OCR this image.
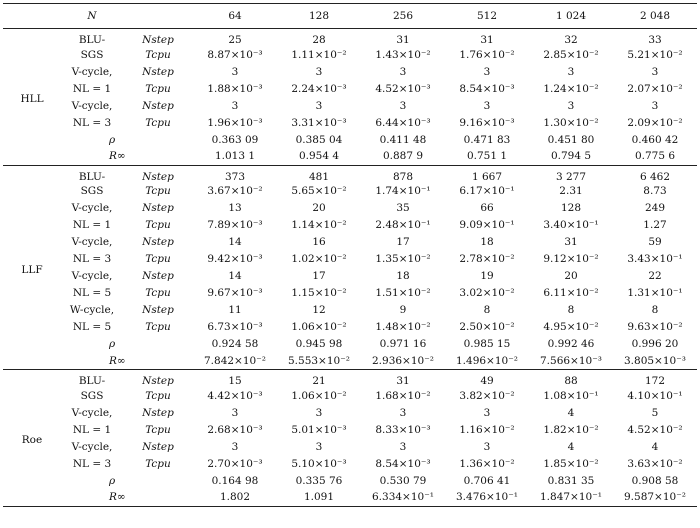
	N		64	128	256	512	1 024	2 048
HLL	BLU-	Nstep	25	28	31	31	32	33
	SGS	Tcpu	8.87×10⁻³	1.11×10⁻²	1.43×10⁻²	1.76×10⁻²	2.85×10⁻²	5.21×10⁻²
	V-cycle,	Nstep	3	3	3	3	3	3
	NL = 1	Tcpu	1.88×10⁻³	2.24×10⁻³	4.52×10⁻³	8.54×10⁻³	1.24×10⁻²	2.07×10⁻²
	V-cycle,	Nstep	3	3	3	3	3	3
	NL = 3	Tcpu	1.96×10⁻³	3.31×10⁻³	6.44×10⁻³	9.16×10⁻³	1.30×10⁻²	2.09×10⁻²
		ρ	0.363 09	0.385 04	0.411 48	0.471 83	0.451 80	0.460 42
		R∞	1.013 1	0.954 4	0.887 9	0.751 1	0.794 5	0.775 6
LLF	BLU-	Nstep	373	481	878	1 667	3 277	6 462
	SGS	Tcpu	3.67×10⁻²	5.65×10⁻²	1.74×10⁻¹	6.17×10⁻¹	2.31	8.73
	V-cycle,	Nstep	13	20	35	66	128	249
	NL = 1	Tcpu	7.89×10⁻³	1.14×10⁻²	2.48×10⁻¹	9.09×10⁻¹	3.40×10⁻¹	1.27
	V-cycle,	Nstep	14	16	17	18	31	59
	NL = 3	Tcpu	9.42×10⁻³	1.02×10⁻²	1.35×10⁻²	2.78×10⁻²	9.12×10⁻²	3.43×10⁻¹
	V-cycle,	Nstep	14	17	18	19	20	22
	NL = 5	Tcpu	9.67×10⁻³	1.15×10⁻²	1.51×10⁻²	3.02×10⁻²	6.11×10⁻²	1.31×10⁻¹
	W-cycle,	Nstep	11	12	9	8	8	8
	NL = 5	Tcpu	6.73×10⁻³	1.06×10⁻²	1.48×10⁻²	2.50×10⁻²	4.95×10⁻²	9.63×10⁻²
		ρ	0.924 58	0.945 98	0.971 16	0.985 15	0.992 46	0.996 20
		R∞	7.842×10⁻²	5.553×10⁻²	2.936×10⁻²	1.496×10⁻²	7.566×10⁻³	3.805×10⁻³
Roe	BLU-	Nstep	15	21	31	49	88	172
	SGS	Tcpu	4.42×10⁻³	1.06×10⁻²	1.68×10⁻²	3.82×10⁻²	1.08×10⁻¹	4.10×10⁻¹
	V-cycle,	Nstep	3	3	3	3	4	5
	NL = 1	Tcpu	2.68×10⁻³	5.01×10⁻³	8.33×10⁻³	1.16×10⁻²	1.82×10⁻²	4.52×10⁻²
	V-cycle,	Nstep	3	3	3	3	4	4
	NL = 3	Tcpu	2.70×10⁻³	5.10×10⁻³	8.54×10⁻³	1.36×10⁻²	1.85×10⁻²	3.63×10⁻²
		ρ	0.164 98	0.335 76	0.530 79	0.706 41	0.831 35	0.908 58
		R∞	1.802	1.091	6.334×10⁻¹	3.476×10⁻¹	1.847×10⁻¹	9.587×10⁻²
